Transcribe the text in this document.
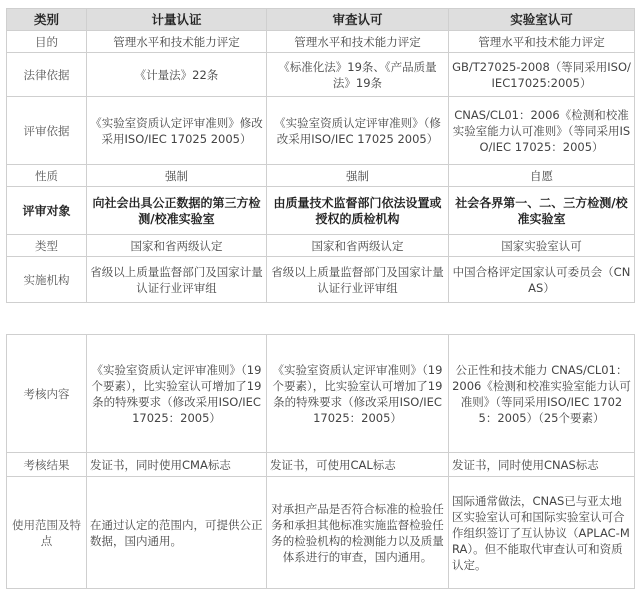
类别	计量认证	审查认可	实验室认可
目的	管理水平和技术能力评定	管理水平和技术能力评定	管理水平和技术能力评定
法律依据	《计量法》22条	《标准化法》19条、《产品质量法》19条	GB/T27025-2008（等同采用ISO/IEC17025:2005）
评审依据	《实验室资质认定评审准则》修改采用ISO/IEC 17025 2005）	《实验室资质认定评审准则》（修改采用ISO/IEC 17025 2005）	CNAS/CL01：2006《检测和校准实验室能力认可准则》（等同采用ISO/IEC 17025：2005）
性质	强制	强制	自愿
评审对象	向社会出具公正数据的第三方检测/校准实验室	由质量技术监督部门依法设置或授权的质检机构	社会各界第一、二、三方检测/校准实验室
类型	国家和省两级认定	国家和省两级认定	国家实验室认可
实施机构	省级以上质量监督部门及国家计量认证行业评审组	省级以上质量监督部门及国家计量认证行业评审组	中国合格评定国家认可委员会（CNAS）
考核内容	《实验室资质认定评审准则》（19个要素），比实验室认可增加了19条的特殊要求（修改采用ISO/IEC 17025：2005）	《实验室资质认定评审准则》（19个要素），比实验室认可增加了19条的特殊要求（修改采用ISO/IEC 17025：2005）	公正性和技术能力 CNAS/CL01：2006《检测和校准实验室能力认可准则》（等同采用ISO/IEC 17025：2005）（25个要素）
考核结果	发证书，同时使用CMA标志	发证书，可使用CAL标志	发证书，同时使用CNAS标志
使用范围及特点	在通过认定的范围内，可提供公正数据，国内通用。	对承担产品是否符合标准的检验任务和承担其他标准实施监督检验任务的检验机构的检测能力以及质量体系进行的审查，国内通用。	国际通常做法，CNAS已与亚太地区实验室认可和国际实验室认可合作组织签订了互认协议（APLAC-MRA）。但不能取代审查认可和资质认定。
